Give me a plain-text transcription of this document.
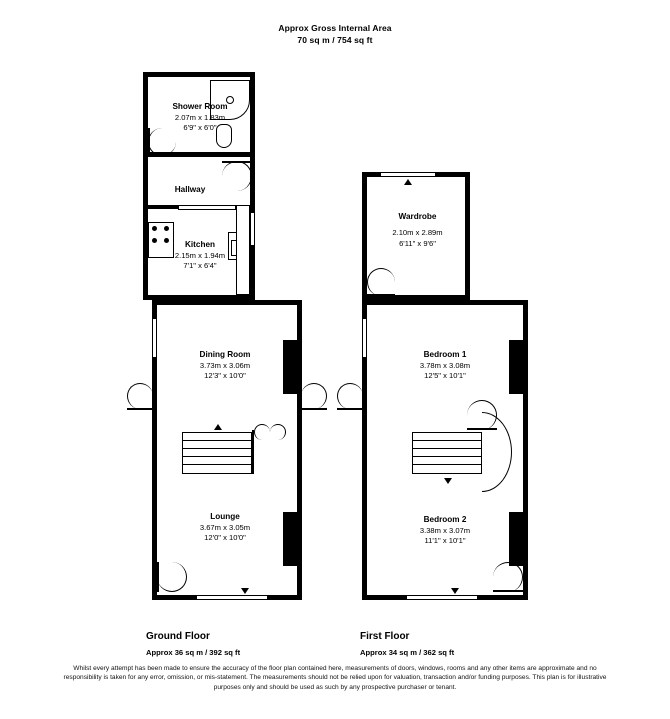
Approx Gross Internal Area
70 sq m / 754 sq ft
Shower Room
2.07m x 1.83m
6'9" x 6'0"
Hallway
Kitchen
2.15m x 1.94m
7'1" x 6'4"
Dining Room
3.73m x 3.06m
12'3" x 10'0"
Lounge
3.67m x 3.05m
12'0" x 10'0"
Ground Floor
Approx 36 sq m / 392 sq ft
Wardrobe
2.10m x 2.89m
6'11" x 9'6"
Bedroom 1
3.78m x 3.08m
12'5" x 10'1"
Bedroom 2
3.38m x 3.07m
11'1" x 10'1"
First Floor
Approx 34 sq m / 362 sq ft
Whilst every attempt has been made to ensure the accuracy of the floor plan contained here, measurements of doors, windows, rooms and any other items are approximate and no responsibility is taken for any error, omission, or mis-statement. The measurements should not be relied upon for valuation, transaction and/or funding purposes. This plan is for illustrative purposes only and should be used as such by any prospective purchaser or tenant.
